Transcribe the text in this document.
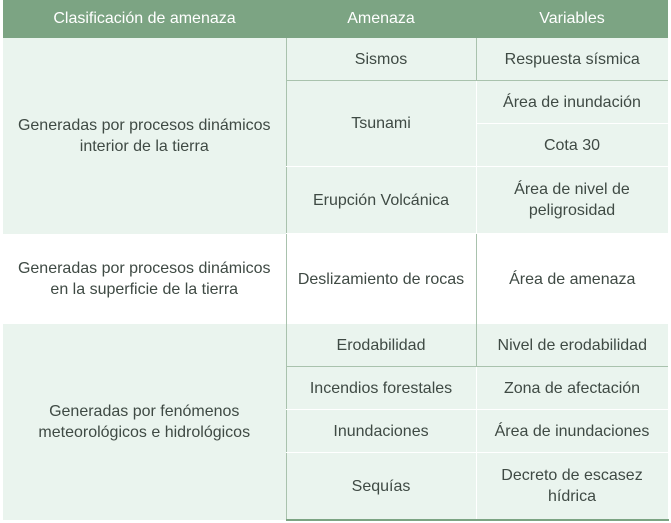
Clasificación de amenaza	Amenaza	Variables
Generadas por procesos dinámicos interior de la tierra	Sismos	Respuesta sísmica
	Tsunami	Área de inundación
		Cota 30
	Erupción Volcánica	Área de nivel de peligrosidad
Generadas por procesos dinámicos en la superficie de la tierra	Deslizamiento de rocas	Área de amenaza
Generadas por fenómenos meteorológicos e hidrológicos	Erodabilidad	Nivel de erodabilidad
	Incendios forestales	Zona de afectación
	Inundaciones	Área de inundaciones
	Sequías	Decreto de escasez hídrica
